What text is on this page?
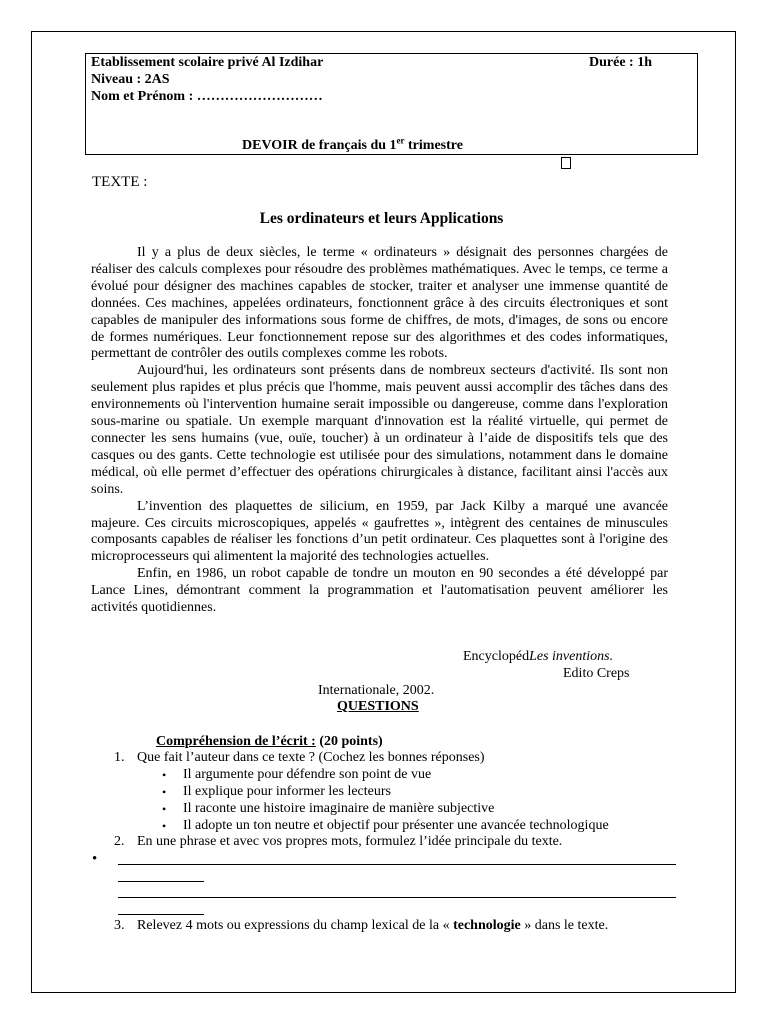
Etablissement scolaire privé Al Izdihar	Durée : 1h
Niveau : 2AS
Nom et Prénom : ………………………
DEVOIR de français du 1er trimestre
TEXTE :
Les ordinateurs et leurs Applications

Il y a plus de deux siècles, le terme « ordinateurs » désignait des personnes chargées de réaliser des calculs complexes pour résoudre des problèmes mathématiques. Avec le temps, ce terme a évolué pour désigner des machines capables de stocker, traiter et analyser une immense quantité de données. Ces machines, appelées ordinateurs, fonctionnent grâce à des circuits électroniques et sont capables de manipuler des informations sous forme de chiffres, de mots, d'images, de sons ou encore de formes numériques. Leur fonctionnement repose sur des algorithmes et des codes informatiques, permettant de contrôler des outils complexes comme les robots.

Aujourd'hui, les ordinateurs sont présents dans de nombreux secteurs d'activité. Ils sont non seulement plus rapides et plus précis que l'homme, mais peuvent aussi accomplir des tâches dans des environnements où l'intervention humaine serait impossible ou dangereuse, comme dans l'exploration sous-marine ou spatiale. Un exemple marquant d'innovation est la réalité virtuelle, qui permet de connecter les sens humains (vue, ouïe, toucher) à un ordinateur à l’aide de dispositifs tels que des casques ou des gants. Cette technologie est utilisée pour des simulations, notamment dans le domaine médical, où elle permet d’effectuer des opérations chirurgicales à distance, facilitant ainsi l'accès aux soins.

L’invention des plaquettes de silicium, en 1959, par Jack Kilby a marqué une avancée majeure. Ces circuits microscopiques, appelés « gaufrettes », intègrent des centaines de minuscules composants capables de réaliser les fonctions d’un petit ordinateur. Ces plaquettes sont à l'origine des microprocesseurs qui alimentent la majorité des technologies actuelles.

Enfin, en 1986, un robot capable de tondre un mouton en 90 secondes a été développé par Lance Lines, démontrant comment la programmation et l'automatisation peuvent améliorer les activités quotidiennes.

EncyclopédLes inventions.
Edito Creps
Internationale, 2002.
QUESTIONS
Compréhension de l’écrit : (20 points)
1. Que fait l’auteur dans ce texte ? (Cochez les bonnes réponses)
• Il argumente pour défendre son point de vue
• Il explique pour informer les lecteurs
• Il raconte une histoire imaginaire de manière subjective
• Il adopte un ton neutre et objectif pour présenter une avancée technologique
2. En une phrase et avec vos propres mots, formulez l’idée principale du texte.
•
3. Relevez 4 mots ou expressions du champ lexical de la « technologie » dans le texte.
